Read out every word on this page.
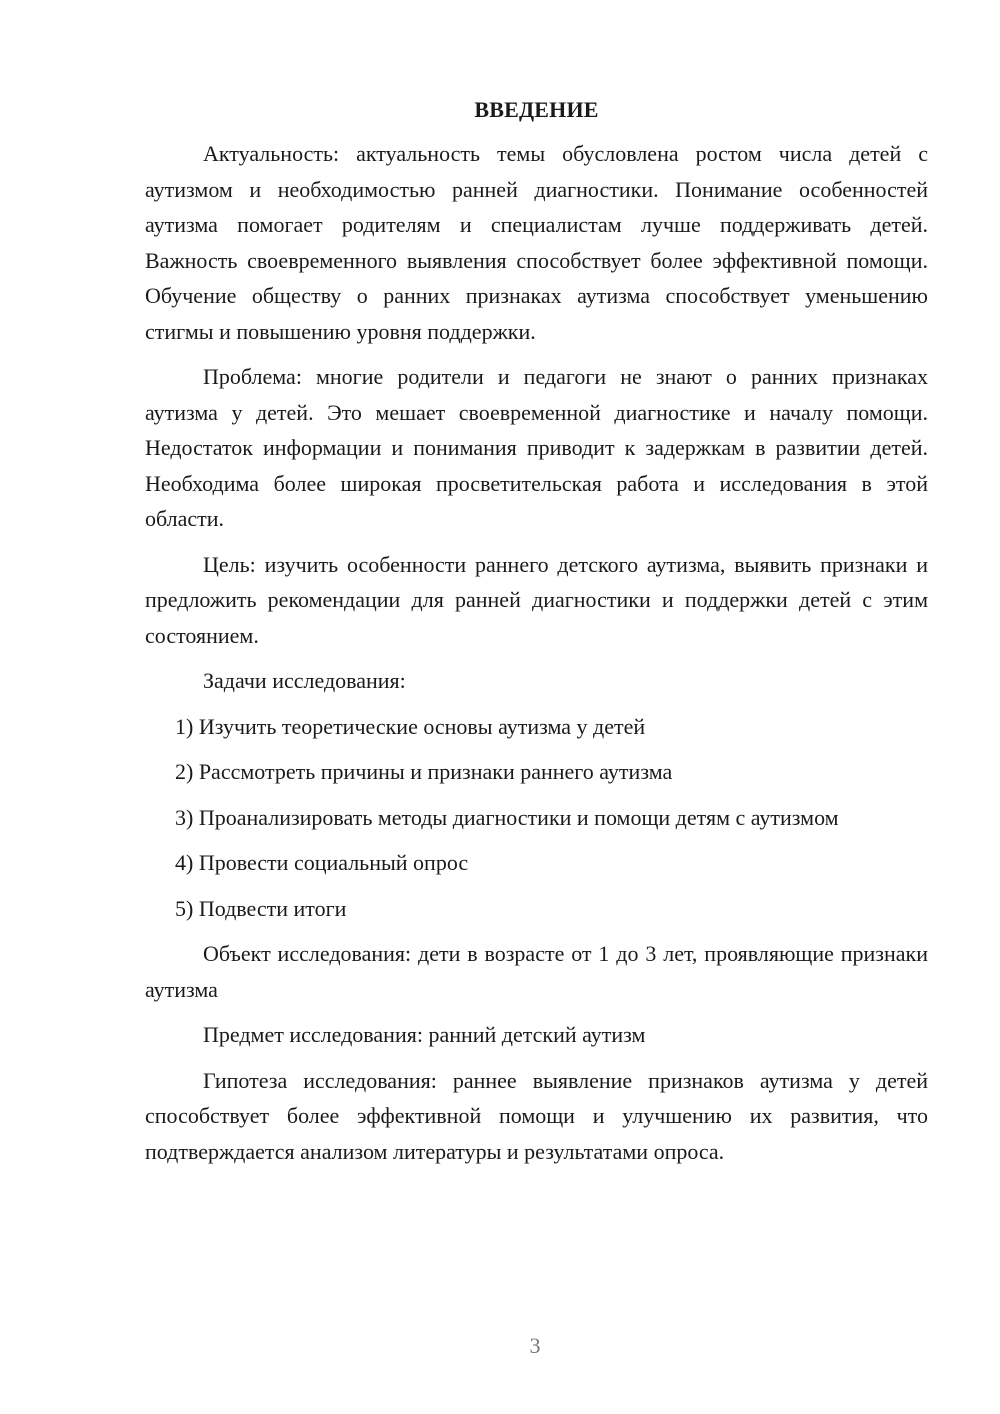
ВВЕДЕНИЕ

Актуальность: актуальность темы обусловлена ростом числа детей с аутизмом и необходимостью ранней диагностики. Понимание особенностей аутизма помогает родителям и специалистам лучше поддерживать детей. Важность своевременного выявления способствует более эффективной помощи. Обучение обществу о ранних признаках аутизма способствует уменьшению стигмы и повышению уровня поддержки.

Проблема: многие родители и педагоги не знают о ранних признаках аутизма у детей. Это мешает своевременной диагностике и началу помощи. Недостаток информации и понимания приводит к задержкам в развитии детей. Необходима более широкая просветительская работа и исследования в этой области.

Цель: изучить особенности раннего детского аутизма, выявить признаки и предложить рекомендации для ранней диагностики и поддержки детей с этим состоянием.

Задачи исследования:

1) Изучить теоретические основы аутизма у детей

2) Рассмотреть причины и признаки раннего аутизма

3) Проанализировать методы диагностики и помощи детям с аутизмом

4) Провести социальный опрос

5) Подвести итоги

Объект исследования: дети в возрасте от 1 до 3 лет, проявляющие признаки аутизма

Предмет исследования: ранний детский аутизм

Гипотеза исследования: раннее выявление признаков аутизма у детей способствует более эффективной помощи и улучшению их развития, что подтверждается анализом литературы и результатами опроса.

3
